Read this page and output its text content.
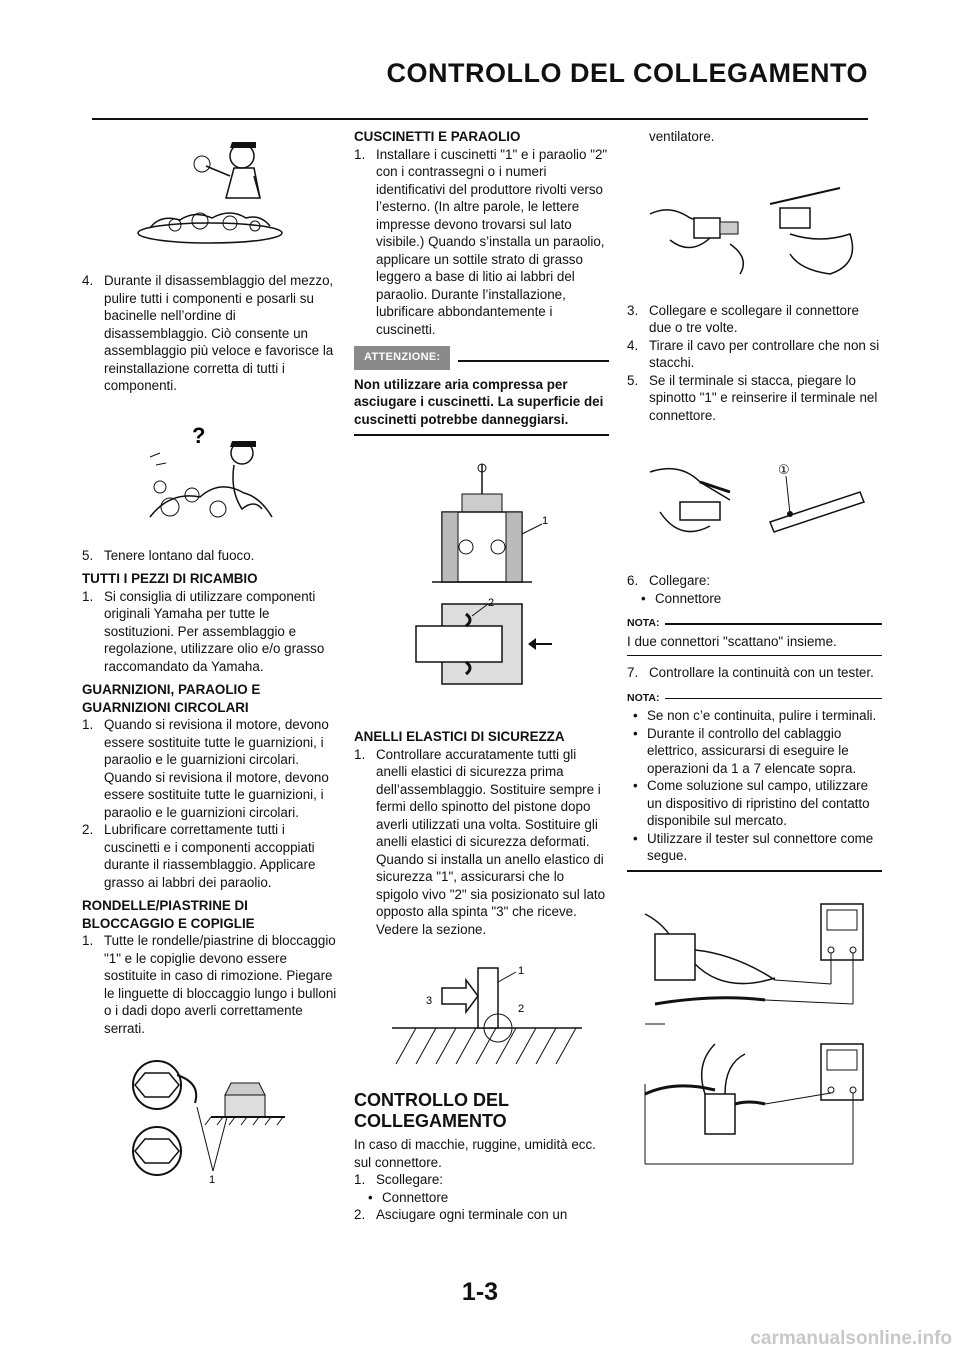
CONTROLLO DEL COLLEGAMENTO
4. Durante il disassemblaggio del mezzo, pulire tutti i componenti e posarli su bacinelle nell’ordine di disassemblaggio. Ciò consente un assemblaggio più veloce e favorisce la reinstallazione corretta di tutti i componenti.
?
5. Tenere lontano dal fuoco.
TUTTI I PEZZI DI RICAMBIO
1. Si consiglia di utilizzare componenti originali Yamaha per tutte le sostituzioni. Per assemblaggio e regolazione, utilizzare olio e/o grasso raccomandato da Yamaha.
GUARNIZIONI, PARAOLIO E GUARNIZIONI CIRCOLARI
1. Quando si revisiona il motore, devono essere sostituite tutte le guarnizioni, i paraolio e le guarnizioni circolari. Quando si revisiona il motore, devono essere sostituite tutte le guarnizioni, i paraolio e le guarnizioni circolari.
2. Lubrificare correttamente tutti i cuscinetti e i componenti accoppiati durante il riassemblaggio. Applicare grasso ai labbri dei paraolio.
RONDELLE/PIASTRINE DI BLOCCAGGIO E COPIGLIE
1. Tutte le rondelle/piastrine di bloccaggio "1" e le copiglie devono essere sostituite in caso di rimozione. Piegare le linguette di bloccaggio lungo i bulloni o i dadi dopo averli correttamente serrati.
1
CUSCINETTI E PARAOLIO
1. Installare i cuscinetti "1" e i paraolio "2" con i contrassegni o i numeri identificativi del produttore rivolti verso l’esterno. (In altre parole, le lettere impresse devono trovarsi sul lato visibile.) Quando s’installa un paraolio, applicare un sottile strato di grasso leggero a base di litio ai labbri del paraolio. Durante l’installazione, lubrificare abbondantemente i cuscinetti.
ATTENZIONE:
Non utilizzare aria compressa per asciugare i cuscinetti. La superficie dei cuscinetti potrebbe danneggiarsi.
1
2
ANELLI ELASTICI DI SICUREZZA
1. Controllare accuratamente tutti gli anelli elastici di sicurezza prima dell’assemblaggio. Sostituire sempre i fermi dello spinotto del pistone dopo averli utilizzati una volta. Sostituire gli anelli elastici di sicurezza deformati. Quando si installa un anello elastico di sicurezza "1", assicurarsi che lo spigolo vivo "2" sia posizionato sul lato opposto alla spinta "3" che riceve. Vedere la sezione.
1
2
3
CONTROLLO DEL COLLEGAMENTO
In caso di macchie, ruggine, umidità ecc. sul connettore.
1. Scollegare:
• Connettore
2. Asciugare ogni terminale con un
ventilatore.
3. Collegare e scollegare il connettore due o tre volte.
4. Tirare il cavo per controllare che non si stacchi.
5. Se il terminale si stacca, piegare lo spinotto "1" e reinserire il terminale nel connettore.
①
6. Collegare:
• Connettore
NOTA:
I due connettori "scattano" insieme.
7. Controllare la continuità con un tester.
NOTA:
• Se non c’e continuita, pulire i terminali.
• Durante il controllo del cablaggio elettrico, assicurarsi di eseguire le operazioni da 1 a 7 elencate sopra.
• Come soluzione sul campo, utilizzare un dispositivo di ripristino del contatto disponibile sul mercato.
• Utilizzare il tester sul connettore come segue.
1-3
carmanualsonline.info
